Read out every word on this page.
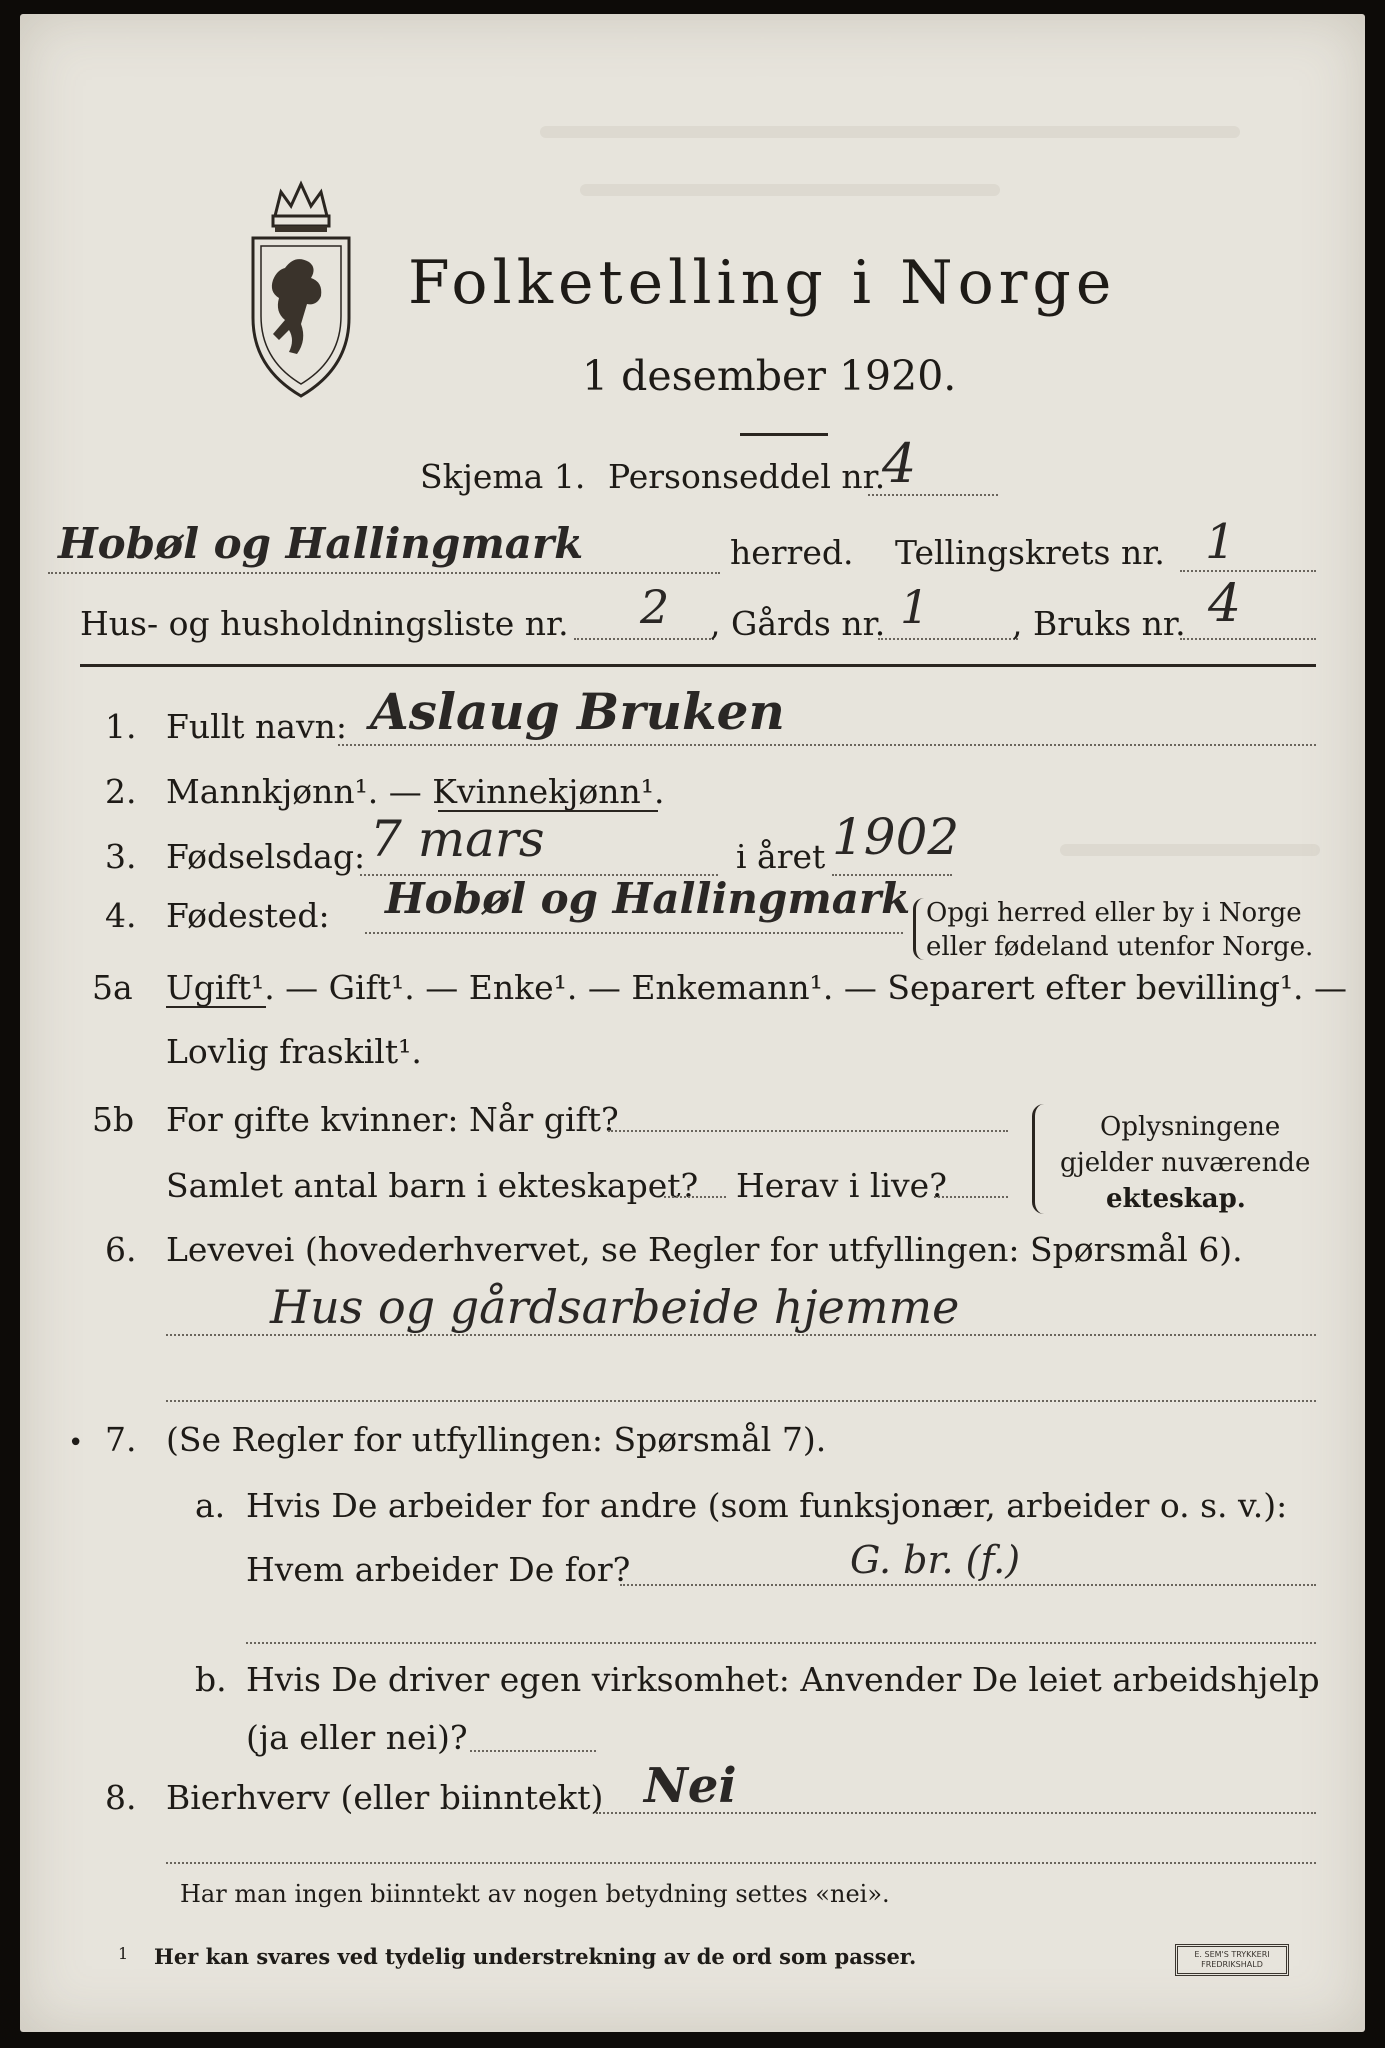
Folketelling i Norge
1 desember 1920.
Skjema 1. Personseddel nr.
4
Hobøl og Hallingmark	herred. Tellingskrets nr. 1
Hus- og husholdningsliste nr. 2 , Gårds nr. 1	, Bruks nr. 4
1. Fullt navn: Aslaug Bruken
2. Mannkjønn¹. — Kvinnekjønn¹.
3. Fødselsdag: 7 mars	i året 1902
4. Fødested: Hobøl og Hallingmark Opgi herred eller by i Norge
eller fødeland utenfor Norge.
5a Ugift¹. — Gift¹. — Enke¹. — Enkemann¹. — Separert efter bevilling¹. —
Lovlig fraskilt¹.
5b For gifte kvinner: Når gift?
Samlet antal barn i ekteskapet? Herav i live?
Oplysningene
gjelder nuværende
ekteskap.
6. Levevei (hovederhvervet, se Regler for utfyllingen: Spørsmål 6).
Hus og gårdsarbeide hjemme
• 7. (Se Regler for utfyllingen: Spørsmål 7).
a. Hvis De arbeider for andre (som funksjonær, arbeider o. s. v.):
Hvem arbeider De for?	G. br. (f.)
b. Hvis De driver egen virksomhet: Anvender De leiet arbeidshjelp
(ja eller nei)?
8. Bierhverv (eller biinntekt) Nei
Har man ingen biinntekt av nogen betydning settes «nei».
1 Her kan svares ved tydelig understrekning av de ord som passer.	E. SEM'S TRYKKERI
FREDRIKSHALD
